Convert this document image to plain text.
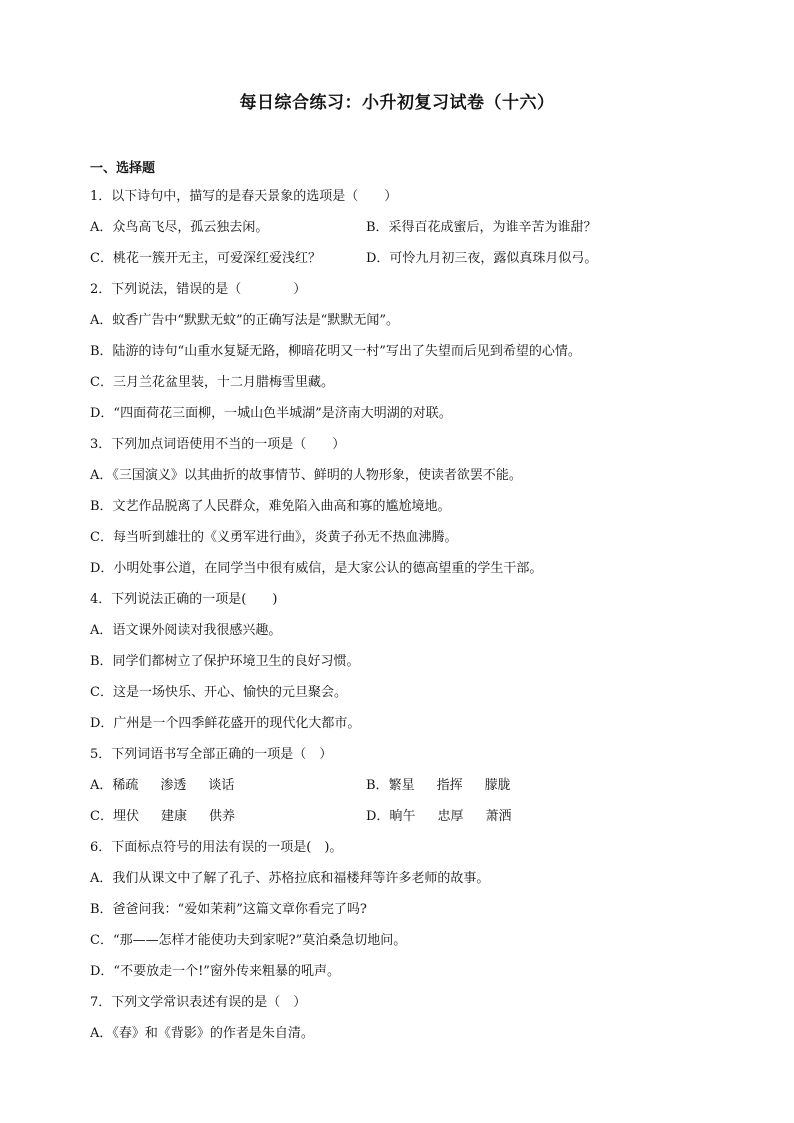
每日综合练习：小升初复习试卷（十六）
一、选择题
1．以下诗句中，描写的是春天景象的选项是（　　）
A．众鸟高飞尽，孤云独去闲。	B．采得百花成蜜后，为谁辛苦为谁甜？
C．桃花一簇开无主，可爱深红爱浅红？	D．可怜九月初三夜，露似真珠月似弓。
2．下列说法，错误的是（　　　　）
A．蚊香广告中“默默无蚊”的正确写法是“默默无闻”。
B．陆游的诗句“山重水复疑无路，柳暗花明又一村”写出了失望而后见到希望的心情。
C．三月兰花盆里装，十二月腊梅雪里藏。
D．“四面荷花三面柳，一城山色半城湖”是济南大明湖的对联。
3．下列加点词语使用不当的一项是（　　）
A．《三国演义》以其曲折的故事情节、鲜明的人物形象，使读者欲罢不能。
B．文艺作品脱离了人民群众，难免陷入曲高和寡的尴尬境地。
C．每当听到雄壮的《义勇军进行曲》，炎黄子孙无不热血沸腾。
D．小明处事公道，在同学当中很有威信，是大家公认的德高望重的学生干部。
4．下列说法正确的一项是(　　)
A．语文课外阅读对我很感兴趣。
B．同学们都树立了保护环境卫生的良好习惯。
C．这是一场快乐、开心、愉快的元旦聚会。
D．广州是一个四季鲜花盛开的现代化大都市。
5．下列词语书写全部正确的一项是（　）
A．稀疏 渗透 谈话	B．繁星 指挥 朦胧
C．埋伏 建康 供养	D．晌午 忠厚 萧洒
6．下面标点符号的用法有误的一项是(　)。
A．我们从课文中了解了孔子、苏格拉底和福楼拜等许多老师的故事。
B．爸爸问我：“爱如茉莉”这篇文章你看完了吗?
C．“那——怎样才能使功夫到家呢?”莫泊桑急切地问。
D．“不要放走一个!”窗外传来粗暴的吼声。
7．下列文学常识表述有误的是（　）
A．《春》和《背影》的作者是朱自清。
